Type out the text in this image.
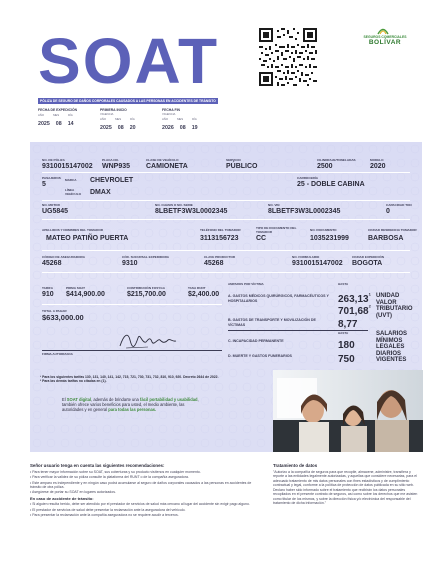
SOAT
PÓLIZA DE SEGURO DE DAÑOS CORPORALES CAUSADOS A LAS PERSONAS EN ACCIDENTES DE TRÁNSITO
FECHA DE EXPEDICIÓN
AÑO	MES	DÍA
2025 08 14
PRIMERA INICIO
VIGENCIA
AÑO	MES	DÍA
2025 08 20
FECHA FIN
VIGENCIA
AÑO	MES	DÍA
2026 08 19
SEGUROS COMERCIALES
BOLÍVAR
NO. DE PÓLIZA
9310015147002
PLACA NO.
WNP935
CLASE DE VEHÍCULO
CAMIONETA
SERVICIO
PÚBLICO
CILINDRAJE/TONELADAS
2500
MODELO
2020
PASAJEROS
5
MARCA CHEVROLET
LÍNEA VEHÍCULO	DMAX
CARROCERÍA
25 - DOBLE CABINA
NO. MOTOR
UG5845
NO. CHASIS O NO. SERIE
8LBETF3W3L0002345
NO. VIN
8LBETF3W3L0002345
CAPACIDAD TON
0
APELLIDOS Y NOMBRES DEL TOMADOR
MATEO PATIÑO PUERTA
TELÉFONO DEL TOMADOR
3113156723
TIPO DE DOCUMENTO DEL TOMADOR
CC
NO. DOCUMENTO
1035231999
CIUDAD RESIDENCIA TOMADOR
BARBOSA
CÓDIGO DE ASEGURADORA
45268
CÓD. SUCURSAL EXPEDIDORA
9310
CLAVE PRODUCTOR
45268
NO. FORMULARIO
9310015147002
CIUDAD EXPEDICIÓN
BOGOTA
TARIFA
910
PRIMA SOAT
$414,900.00
CONTRIBUCIÓN FOSYGA
$215,700.00
TASA RUNT
$2,400.00
TOTAL A PAGAR
$633,000.00
FIRMA AUTORIZADA
AMPAROS POR VÍCTIMA	HASTA
A. GASTOS MÉDICOS QUIRÚRGICOS, FARMACÉUTICOS Y HOSPITALARIOS	263,13$^1$
701,68$^2$
UNIDAD VALOR TRIBUTARIO (UVT)
B. GASTOS DE TRANSPORTE Y MOVILIZACIÓN DE VÍCTIMAS	8,77
HASTA
C. INCAPACIDAD PERMANENTE	180
SALARIOS MÍNIMOS LEGALES DIARIOS VIGENTES
D. MUERTE Y GASTOS FUNERARIOS	750
¹ Para los siguientes tarifas 130, 131, 140, 141, 142, 715, 721, 730, 731, 732, 810, 910, 920. Decreto 2644 de 2022.
² Para las demás tarifas no citadas en (1).
El SOAT digital, además de brindarte una fácil portabilidad y usabilidad, también ofrece varios beneficios para usted, el medio ambiente, las autoridades y en general para todas las personas.
Señor usuario tenga en cuenta las siguientes recomendaciones:

• Para tener mayor información sobre su SOAT, sus coberturas y su producto visítenos en cualquier momento.

• Para verificar la validez de su póliza consulte la plataforma del RUNT o de la compañía aseguradora.

• Este amparo es independiente y en ningún caso podrá acumularse al seguro de daños corporales causados a las personas en accidentes de tránsito de otra póliza.

• Asegúrese de portar su SOAT en lugares autorizados.

En caso de accidente de tránsito:

• Si alguien resulta herido, debe ser atendido por el prestador de servicios de salud más cercano al lugar del accidente sin exigir pago alguno.

• El prestador de servicios de salud debe presentar la reclamación ante la aseguradora del vehículo.

• Para presentar la reclamación ante la compañía aseguradora no se requiere acudir a terceros.

Tratamiento de datos

"Autorizo a la compañía de seguros para que recopile, almacene, administre, transfiera y reporte a las entidades legalmente autorizadas, y aquellas que considere necesarias, para el adecuado tratamiento de mis datos personales con fines estadísticos y de cumplimiento contractual y legal, conforme a la política de protección de datos publicada en su sitio web.

Declaro haber sido informado sobre el tratamiento que recibirán los datos personales recopilados en el presente contrato de seguros, así como sobre los derechos que me asisten como titular de los mismos, y sobre la dirección física y/o electrónica del responsable del tratamiento de dicha información."
